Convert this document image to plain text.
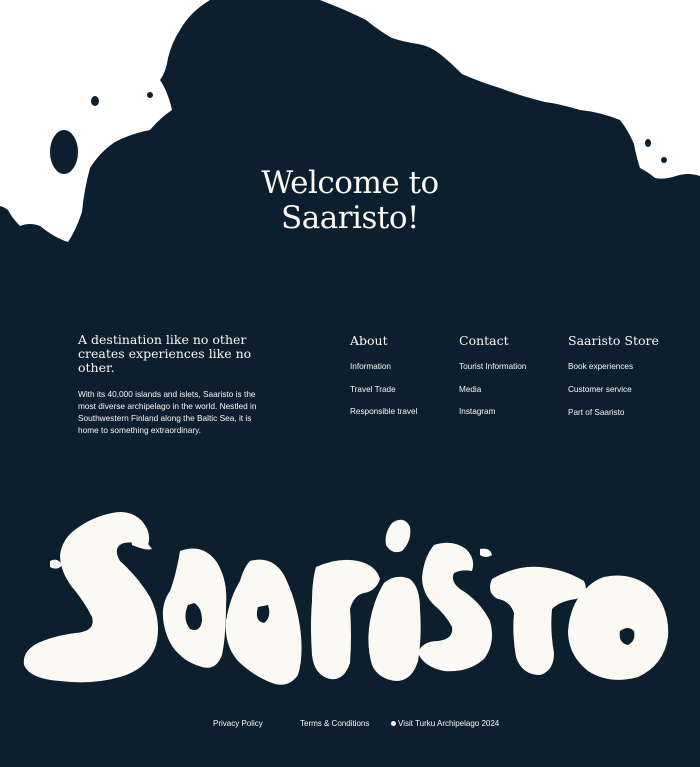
Welcome to
Saaristo!
A destination like no other creates experiences like no other.

With its 40,000 islands and islets, Saaristo is the most diverse archipelago in the world. Nestled in Southwestern Finland along the Baltic Sea, it is home to something extraordinary.

About
Information
Travel Trade
Responsible travel
Contact
Tourist Information
Media
Instagram
Saaristo Store
Book experiences
Customer service
Part of Saaristo
Privacy Policy	Terms & Conditions	Visit Turku Archipelago 2024
